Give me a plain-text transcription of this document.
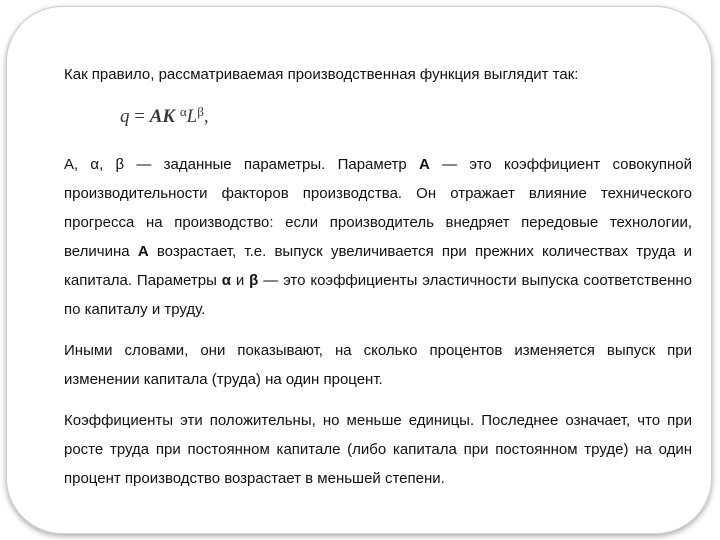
Как правило, рассматриваемая производственная функция выглядит так:

q = AK $^\alpha L^\beta$,

А, α, β — заданные параметры. Параметр А — это коэффициент совокупной производительности факторов производства. Он отражает влияние технического прогресса на производство: если производитель внедряет передовые технологии, величина А возрастает, т.е. выпуск увеличивается при прежних количествах труда и капитала. Параметры α и β — это коэффициенты эластичности выпуска соответственно по капиталу и труду.

Иными словами, они показывают, на сколько процентов изменяется выпуск при изменении капитала (труда) на один процент.

Коэффициенты эти положительны, но меньше единицы. Последнее означает, что при росте труда при постоянном капитале (либо капитала при постоянном труде) на один процент производство возрастает в меньшей степени.
